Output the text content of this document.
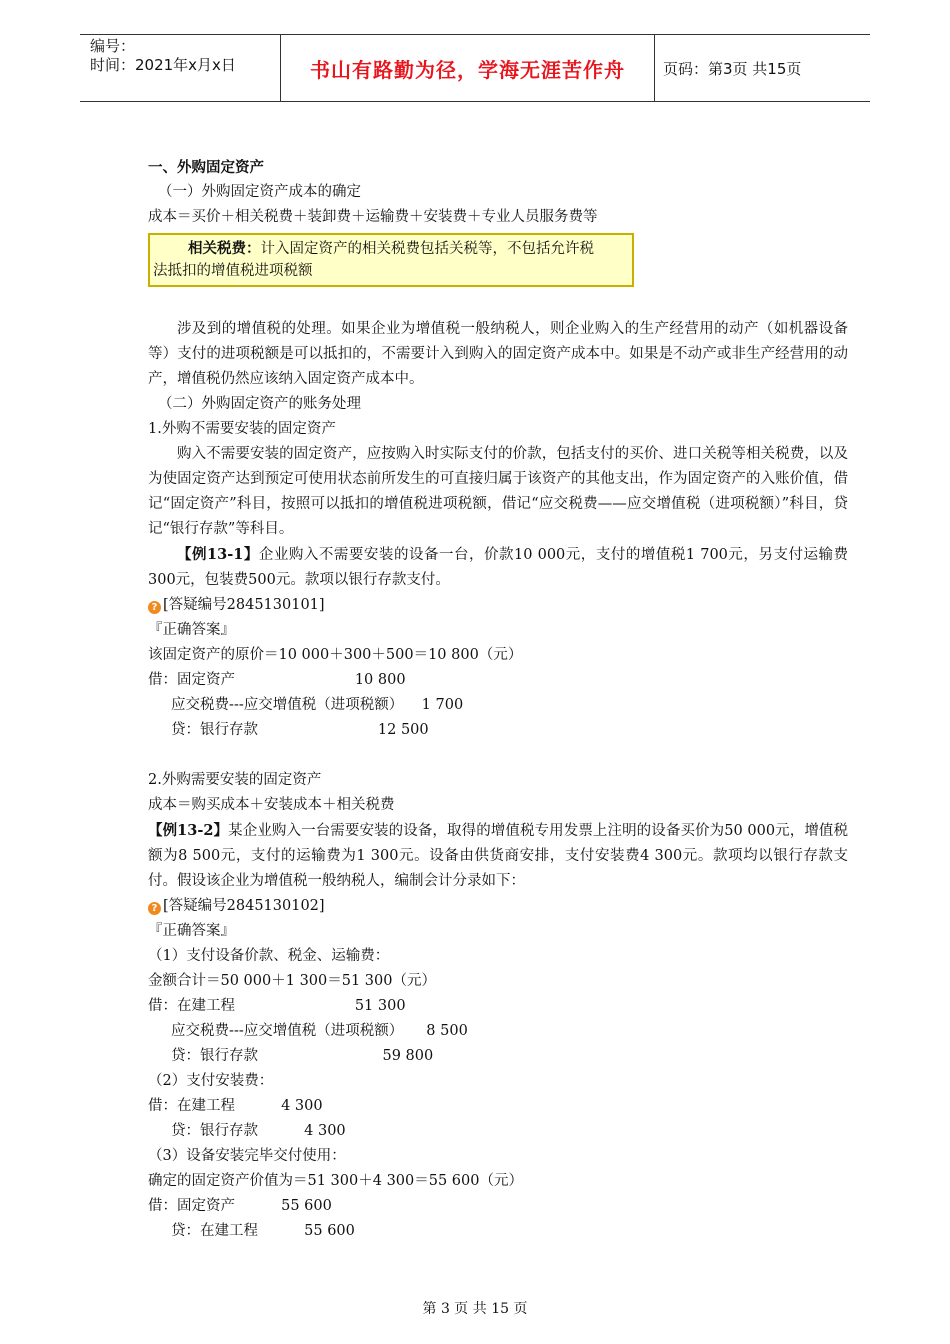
编号：
时间：2021年x月x日	书山有路勤为径，学海无涯苦作舟	页码：第3页 共15页
一、外购固定资产
（一）外购固定资产成本的确定
成本＝买价＋相关税费＋装卸费＋运输费＋安装费＋专业人员服务费等
相关税费：计入固定资产的相关税费包括关税等，不包括允许税
法抵扣的增值税进项税额
涉及到的增值税的处理。如果企业为增值税一般纳税人，则企业购入的生产经营用的动产（如机器设备等）支付的进项税额是可以抵扣的，不需要计入到购入的固定资产成本中。如果是不动产或非生产经营用的动产，增值税仍然应该纳入固定资产成本中。
（二）外购固定资产的账务处理
1.外购不需要安装的固定资产
购入不需要安装的固定资产，应按购入时实际支付的价款，包括支付的买价、进口关税等相关税费，以及为使固定资产达到预定可使用状态前所发生的可直接归属于该资产的其他支出，作为固定资产的入账价值，借记“固定资产”科目，按照可以抵扣的增值税进项税额，借记“应交税费——应交增值税（进项税额）”科目，贷记“银行存款”等科目。
【例13-1】企业购入不需要安装的设备一台，价款10 000元，支付的增值税1 700元，另支付运输费300元，包装费500元。款项以银行存款支付。
? [答疑编号2845130101]
『正确答案』
该固定资产的原价＝10 000＋300＋500＝10 800（元）
借：固定资产                          10 800
应交税费---应交增值税（进项税额）    1 700
贷：银行存款                          12 500
2.外购需要安装的固定资产
成本＝购买成本＋安装成本＋相关税费
【例13-2】某企业购入一台需要安装的设备，取得的增值税专用发票上注明的设备买价为50 000元，增值税额为8 500元，支付的运输费为1 300元。设备由供货商安排，支付安装费4 300元。款项均以银行存款支付。假设该企业为增值税一般纳税人，编制会计分录如下：
? [答疑编号2845130102]
『正确答案』
（1）支付设备价款、税金、运输费：
金额合计＝50 000＋1 300＝51 300（元）
借：在建工程                          51 300
应交税费---应交增值税（进项税额）     8 500
贷：银行存款                           59 800
（2）支付安装费：
借：在建工程          4 300
贷：银行存款          4 300
（3）设备安装完毕交付使用：
确定的固定资产价值为＝51 300＋4 300＝55 600（元）
借：固定资产          55 600
贷：在建工程          55 600
第 3 页 共 15 页
